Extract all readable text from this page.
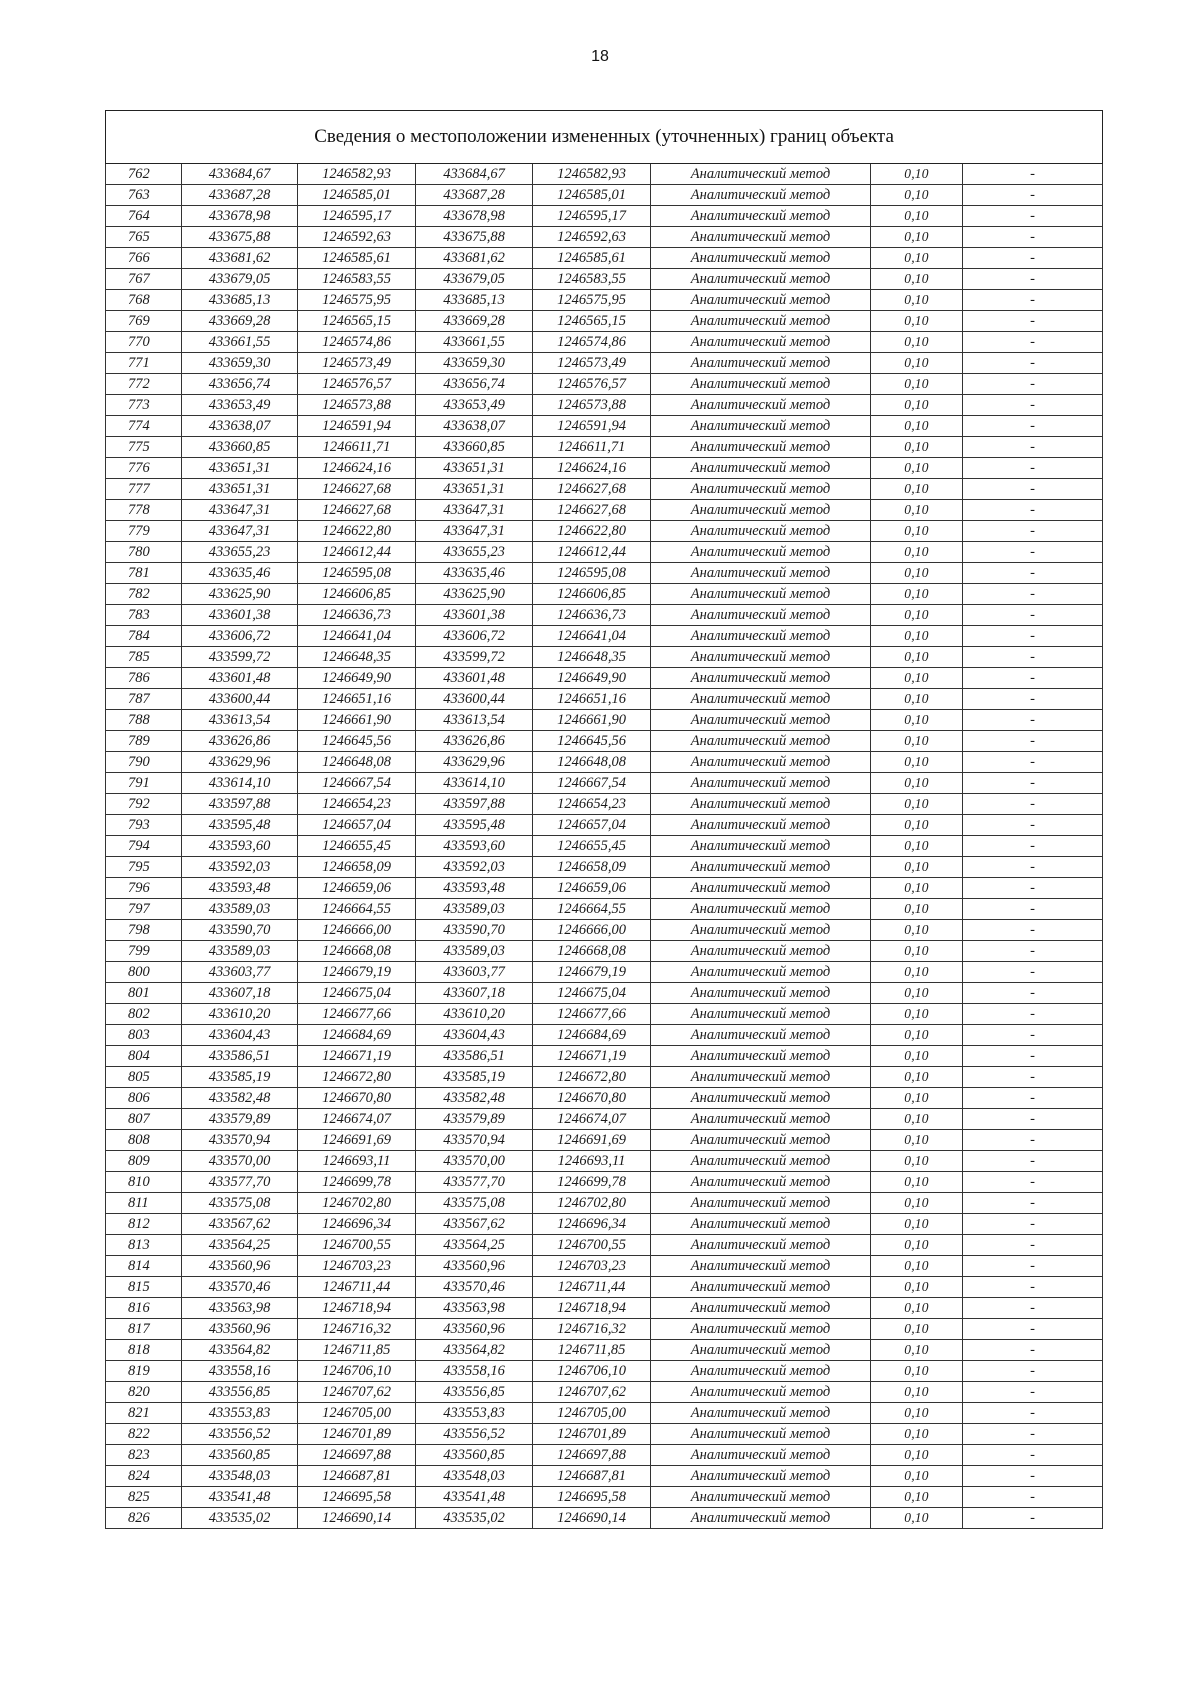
18
Сведения о местоположении измененных (уточненных) границ объекта							
762	433684,67	1246582,93	433684,67	1246582,93	Аналитический метод	0,10	-
763	433687,28	1246585,01	433687,28	1246585,01	Аналитический метод	0,10	-
764	433678,98	1246595,17	433678,98	1246595,17	Аналитический метод	0,10	-
765	433675,88	1246592,63	433675,88	1246592,63	Аналитический метод	0,10	-
766	433681,62	1246585,61	433681,62	1246585,61	Аналитический метод	0,10	-
767	433679,05	1246583,55	433679,05	1246583,55	Аналитический метод	0,10	-
768	433685,13	1246575,95	433685,13	1246575,95	Аналитический метод	0,10	-
769	433669,28	1246565,15	433669,28	1246565,15	Аналитический метод	0,10	-
770	433661,55	1246574,86	433661,55	1246574,86	Аналитический метод	0,10	-
771	433659,30	1246573,49	433659,30	1246573,49	Аналитический метод	0,10	-
772	433656,74	1246576,57	433656,74	1246576,57	Аналитический метод	0,10	-
773	433653,49	1246573,88	433653,49	1246573,88	Аналитический метод	0,10	-
774	433638,07	1246591,94	433638,07	1246591,94	Аналитический метод	0,10	-
775	433660,85	1246611,71	433660,85	1246611,71	Аналитический метод	0,10	-
776	433651,31	1246624,16	433651,31	1246624,16	Аналитический метод	0,10	-
777	433651,31	1246627,68	433651,31	1246627,68	Аналитический метод	0,10	-
778	433647,31	1246627,68	433647,31	1246627,68	Аналитический метод	0,10	-
779	433647,31	1246622,80	433647,31	1246622,80	Аналитический метод	0,10	-
780	433655,23	1246612,44	433655,23	1246612,44	Аналитический метод	0,10	-
781	433635,46	1246595,08	433635,46	1246595,08	Аналитический метод	0,10	-
782	433625,90	1246606,85	433625,90	1246606,85	Аналитический метод	0,10	-
783	433601,38	1246636,73	433601,38	1246636,73	Аналитический метод	0,10	-
784	433606,72	1246641,04	433606,72	1246641,04	Аналитический метод	0,10	-
785	433599,72	1246648,35	433599,72	1246648,35	Аналитический метод	0,10	-
786	433601,48	1246649,90	433601,48	1246649,90	Аналитический метод	0,10	-
787	433600,44	1246651,16	433600,44	1246651,16	Аналитический метод	0,10	-
788	433613,54	1246661,90	433613,54	1246661,90	Аналитический метод	0,10	-
789	433626,86	1246645,56	433626,86	1246645,56	Аналитический метод	0,10	-
790	433629,96	1246648,08	433629,96	1246648,08	Аналитический метод	0,10	-
791	433614,10	1246667,54	433614,10	1246667,54	Аналитический метод	0,10	-
792	433597,88	1246654,23	433597,88	1246654,23	Аналитический метод	0,10	-
793	433595,48	1246657,04	433595,48	1246657,04	Аналитический метод	0,10	-
794	433593,60	1246655,45	433593,60	1246655,45	Аналитический метод	0,10	-
795	433592,03	1246658,09	433592,03	1246658,09	Аналитический метод	0,10	-
796	433593,48	1246659,06	433593,48	1246659,06	Аналитический метод	0,10	-
797	433589,03	1246664,55	433589,03	1246664,55	Аналитический метод	0,10	-
798	433590,70	1246666,00	433590,70	1246666,00	Аналитический метод	0,10	-
799	433589,03	1246668,08	433589,03	1246668,08	Аналитический метод	0,10	-
800	433603,77	1246679,19	433603,77	1246679,19	Аналитический метод	0,10	-
801	433607,18	1246675,04	433607,18	1246675,04	Аналитический метод	0,10	-
802	433610,20	1246677,66	433610,20	1246677,66	Аналитический метод	0,10	-
803	433604,43	1246684,69	433604,43	1246684,69	Аналитический метод	0,10	-
804	433586,51	1246671,19	433586,51	1246671,19	Аналитический метод	0,10	-
805	433585,19	1246672,80	433585,19	1246672,80	Аналитический метод	0,10	-
806	433582,48	1246670,80	433582,48	1246670,80	Аналитический метод	0,10	-
807	433579,89	1246674,07	433579,89	1246674,07	Аналитический метод	0,10	-
808	433570,94	1246691,69	433570,94	1246691,69	Аналитический метод	0,10	-
809	433570,00	1246693,11	433570,00	1246693,11	Аналитический метод	0,10	-
810	433577,70	1246699,78	433577,70	1246699,78	Аналитический метод	0,10	-
811	433575,08	1246702,80	433575,08	1246702,80	Аналитический метод	0,10	-
812	433567,62	1246696,34	433567,62	1246696,34	Аналитический метод	0,10	-
813	433564,25	1246700,55	433564,25	1246700,55	Аналитический метод	0,10	-
814	433560,96	1246703,23	433560,96	1246703,23	Аналитический метод	0,10	-
815	433570,46	1246711,44	433570,46	1246711,44	Аналитический метод	0,10	-
816	433563,98	1246718,94	433563,98	1246718,94	Аналитический метод	0,10	-
817	433560,96	1246716,32	433560,96	1246716,32	Аналитический метод	0,10	-
818	433564,82	1246711,85	433564,82	1246711,85	Аналитический метод	0,10	-
819	433558,16	1246706,10	433558,16	1246706,10	Аналитический метод	0,10	-
820	433556,85	1246707,62	433556,85	1246707,62	Аналитический метод	0,10	-
821	433553,83	1246705,00	433553,83	1246705,00	Аналитический метод	0,10	-
822	433556,52	1246701,89	433556,52	1246701,89	Аналитический метод	0,10	-
823	433560,85	1246697,88	433560,85	1246697,88	Аналитический метод	0,10	-
824	433548,03	1246687,81	433548,03	1246687,81	Аналитический метод	0,10	-
825	433541,48	1246695,58	433541,48	1246695,58	Аналитический метод	0,10	-
826	433535,02	1246690,14	433535,02	1246690,14	Аналитический метод	0,10	-
